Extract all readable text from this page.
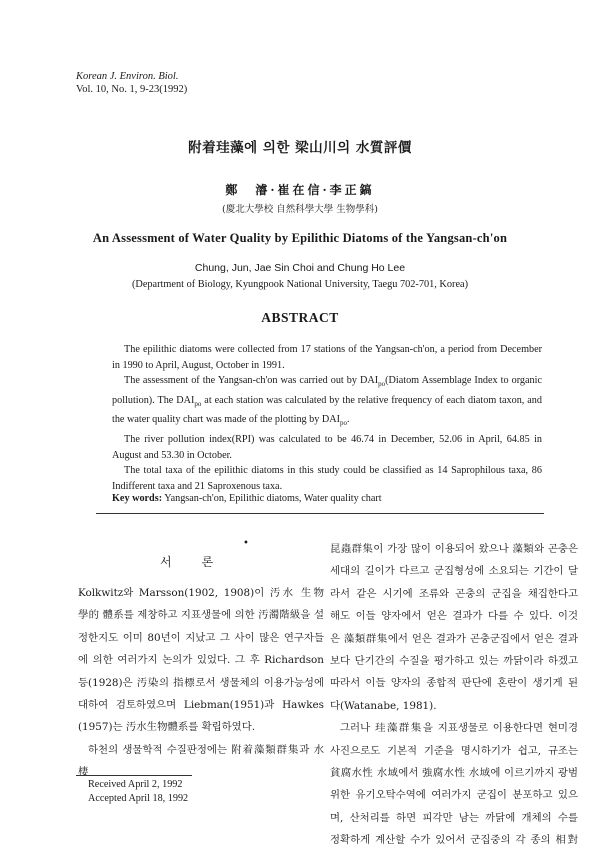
Korean J. Environ. Biol.
Vol. 10, No. 1, 9-23(1992)
附着珪藻에 의한 梁山川의 水質評價
鄭　濬·崔在信·李正鎬
(慶北大學校 自然科學大學 生物學科)
An Assessment of Water Quality by Epilithic Diatoms of the Yangsan-ch'on
Chung, Jun, Jae Sin Choi and Chung Ho Lee
(Department of Biology, Kyungpook National University, Taegu 702-701, Korea)
ABSTRACT

The epilithic diatoms were collected from 17 stations of the Yangsan-ch'on, a period from December in 1990 to April, August, October in 1991.

The assessment of the Yangsan-ch'on was carried out by $DAI_{po}(Diatom$ Assemblage Index to organic pollution). The $DAI_{po}$ at each station was calculated by the relative frequency of each diatom taxon, and the water quality chart was made of the plotting by $DAI_{po}$.

The river pollution index(RPI) was calculated to be 46.74 in December, 52.06 in April, 64.85 in August and 53.30 in October.

The total taxa of the epilithic diatoms in this study could be classified as 14 Saprophilous taxa, 86 Indifferent taxa and 21 Saproxenous taxa.

Key words: Yangsan-ch'on, Epilithic diatoms, Water quality chart
•
서론

Kolkwitz와 Marsson(1902, 1908)이 汚水 生物

學的 體系를 제창하고 지표생물에 의한 汚濁階級을 설

정한지도 이미 80년이 지났고 그 사이 많은 연구자들

에 의한 여러가지 논의가 있었다. 그 후 Richardson

등(1928)은 汚染의 指標로서 생물체의 이용가능성에

대하여 검토하였으며 Liebman(1951)과 Hawkes

(1957)는 汚水生物體系를 확립하였다.

하천의 생물학적 수질판정에는 附着藻類群集과 水棲

昆蟲群集이 가장 많이 이용되어 왔으나 藻類와 곤충은

세대의 길이가 다르고 군집형성에 소요되는 기간이 달

라서 같은 시기에 조류와 곤충의 군집을 채집한다고

해도 이들 양자에서 얻은 결과가 다를 수 있다. 이것

은 藻類群集에서 얻은 결과가 곤충군집에서 얻은 결과

보다 단기간의 수질을 평가하고 있는 까닭이라 하겠고

따라서 이들 양자의 종합적 판단에 혼란이 생기게 된

다(Watanabe, 1981).

그러나 珪藻群集을 지표생물로 이용한다면 현미경

사진으로도 기본적 기준을 명시하기가 쉽고, 규조는

貧腐水性 水域에서 強腐水性 水域에 이르기까지 광범

위한 유기오탁수역에 여러가지 군집이 분포하고 있으

며, 산처리를 하면 피각만 남는 까닭에 개체의 수를

정확하게 계산할 수가 있어서 군집중의 각 종의 相對

Received April 2, 1992
Accepted April 18, 1992
